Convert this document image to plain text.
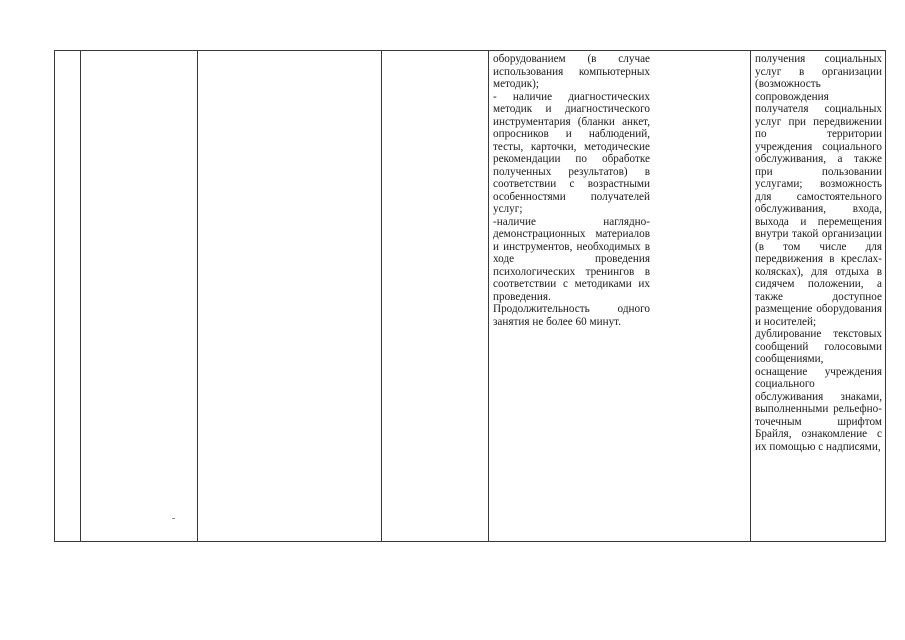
оборудованием (в случае использования компьютерных методик);

- наличие диагностических методик и диагностического инструментария (бланки анкет, опросников и наблюдений, тесты, карточки, методические рекомендации по обработке полученных результатов) в соответствии с возрастными особенностями получателей услуг;

-наличие наглядно-демонстрационных материалов и инструментов, необходимых в ходе проведения психологических тренингов в соответствии с методиками их проведения.

Продолжительность одного занятия не более 60 минут.

получения социальных услуг в организации (возможность сопровождения получателя социальных услуг при передвижении по территории учреждения социального обслуживания, а также при пользовании услугами; возможность для самостоятельного обслуживания, входа, выхода и перемещения внутри такой организации (в том числе для передвижения в креслах-колясках), для отдыха в сидячем положении, а также доступное размещение оборудования и носителей;

дублирование текстовых сообщений голосовыми сообщениями,

оснащение учреждения социального обслуживания знаками, выполненными рельефно-точечным шрифтом Брайля, ознакомление с их помощью с надписями,
